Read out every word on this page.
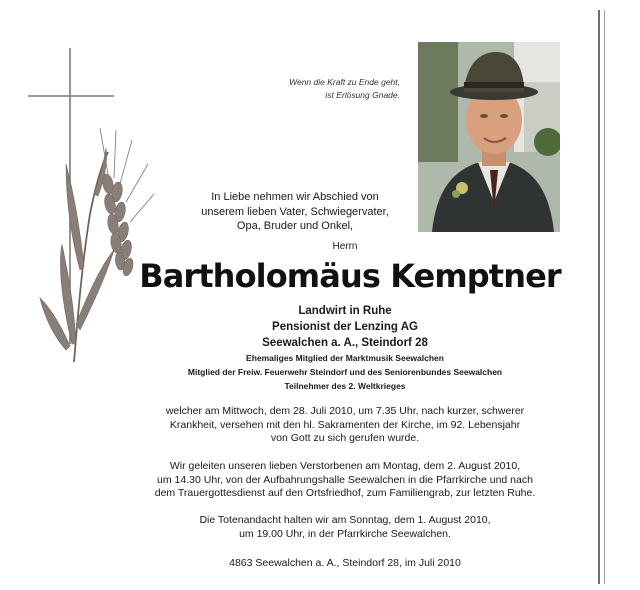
Wenn die Kraft zu Ende geht,
ist Erlösung Gnade.
In Liebe nehmen wir Abschied von
unserem lieben Vater, Schwiegervater,
Opa, Bruder und Onkel,
Herrn
Bartholomäus Kemptner
Landwirt in Ruhe
Pensionist der Lenzing AG
Seewalchen a. A., Steindorf 28
Ehemaliges Mitglied der Marktmusik Seewalchen
Mitglied der Freiw. Feuerwehr Steindorf und des Seniorenbundes Seewalchen
Teilnehmer des 2. Weltkrieges
welcher am Mittwoch, dem 28. Juli 2010, um 7.35 Uhr, nach kurzer, schwerer
Krankheit, versehen mit den hl. Sakramenten der Kirche, im 92. Lebensjahr
von Gott zu sich gerufen wurde.
Wir geleiten unseren lieben Verstorbenen am Montag, dem 2. August 2010,
um 14.30 Uhr, von der Aufbahrungshalle Seewalchen in die Pfarrkirche und nach
dem Trauergottesdienst auf den Ortsfriedhof, zum Familiengrab, zur letzten Ruhe.
Die Totenandacht halten wir am Sonntag, dem 1. August 2010,
um 19.00 Uhr, in der Pfarrkirche Seewalchen.
4863 Seewalchen a. A., Steindorf 28, im Juli 2010
